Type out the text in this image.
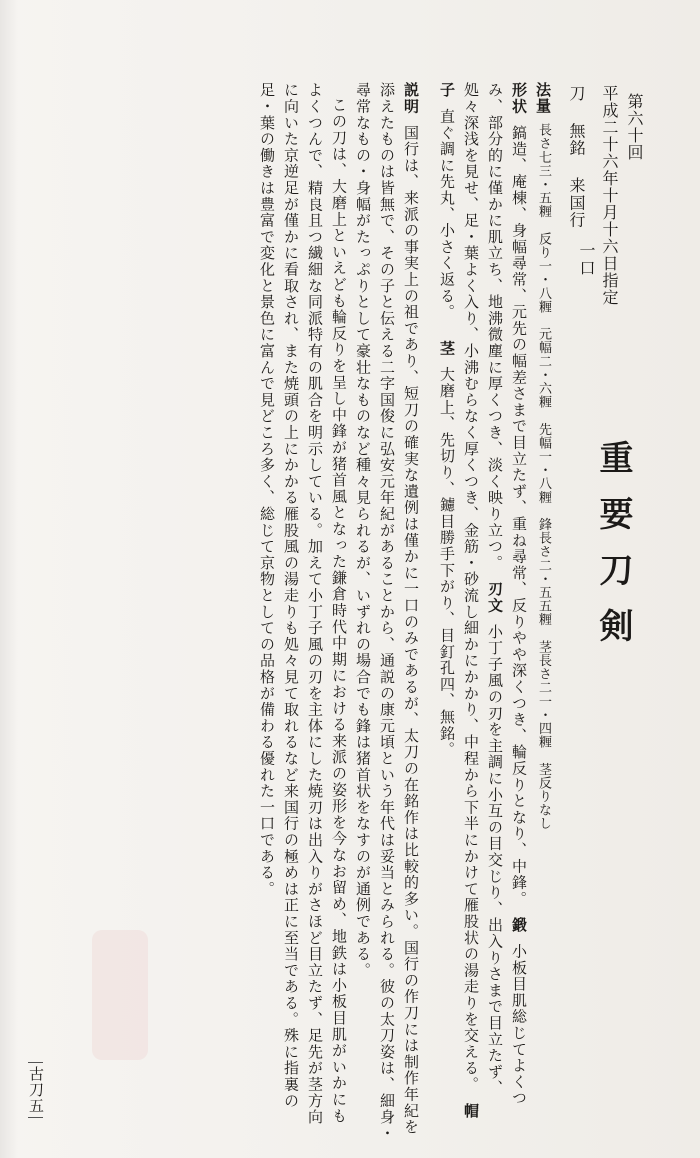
重要刀剣
第六十回
平成二十六年十月十六日指定
一口
刀無銘来国行
法量長さ七三・五糎　反り一・八糎　元幅二・六糎　先幅一・八糎　鋒長さ二・五五糎　茎長さ二一・四糎　茎反りなし
形状鎬造、庵棟、身幅尋常、元先の幅差さまで目立たず、重ね尋常、反りやや深くつき、輪反りとなり、中鋒。鍛小板目肌総じてよくつ
み、部分的に僅かに肌立ち、地沸微塵に厚くつき、淡く映り立つ。刃文小丁子風の刃を主調に小互の目交じり、出入りさまで目立たず、
処々深浅を見せ、足・葉よく入り、小沸むらなく厚くつき、金筋・砂流し細かにかかり、中程から下半にかけて雁股状の湯走りを交える。帽
子直ぐ調に先丸、小さく返る。茎大磨上、先切り、鑢目勝手下がり、目釘孔四、無銘。
説明国行は、来派の事実上の祖であり、短刀の確実な遺例は僅かに一口のみであるが、太刀の在銘作は比較的多い。国行の作刀には制作年紀を
添えたものは皆無で、その子と伝える二字国俊に弘安元年紀があることから、通説の康元頃という年代は妥当とみられる。彼の太刀姿は、細身・
尋常なもの・身幅がたっぷりとして豪壮なものなど種々見られるが、いずれの場合でも鋒は猪首状をなすのが通例である。
この刀は、大磨上といえども輪反りを呈し中鋒が猪首風となった鎌倉時代中期における来派の姿形を今なお留め、地鉄は小板目肌がいかにも
よくつんで、精良且つ繊細な同派特有の肌合を明示している。加えて小丁子風の刃を主体にした焼刃は出入りがさほど目立たず、足先が茎方向
に向いた京逆足が僅かに看取され、また焼頭の上にかかる雁股風の湯走りも処々見て取れるなど来国行の極めは正に至当である。殊に指裏の
足・葉の働きは豊富で変化と景色に富んで見どころ多く、総じて京物としての品格が備わる優れた一口である。
古刀五
